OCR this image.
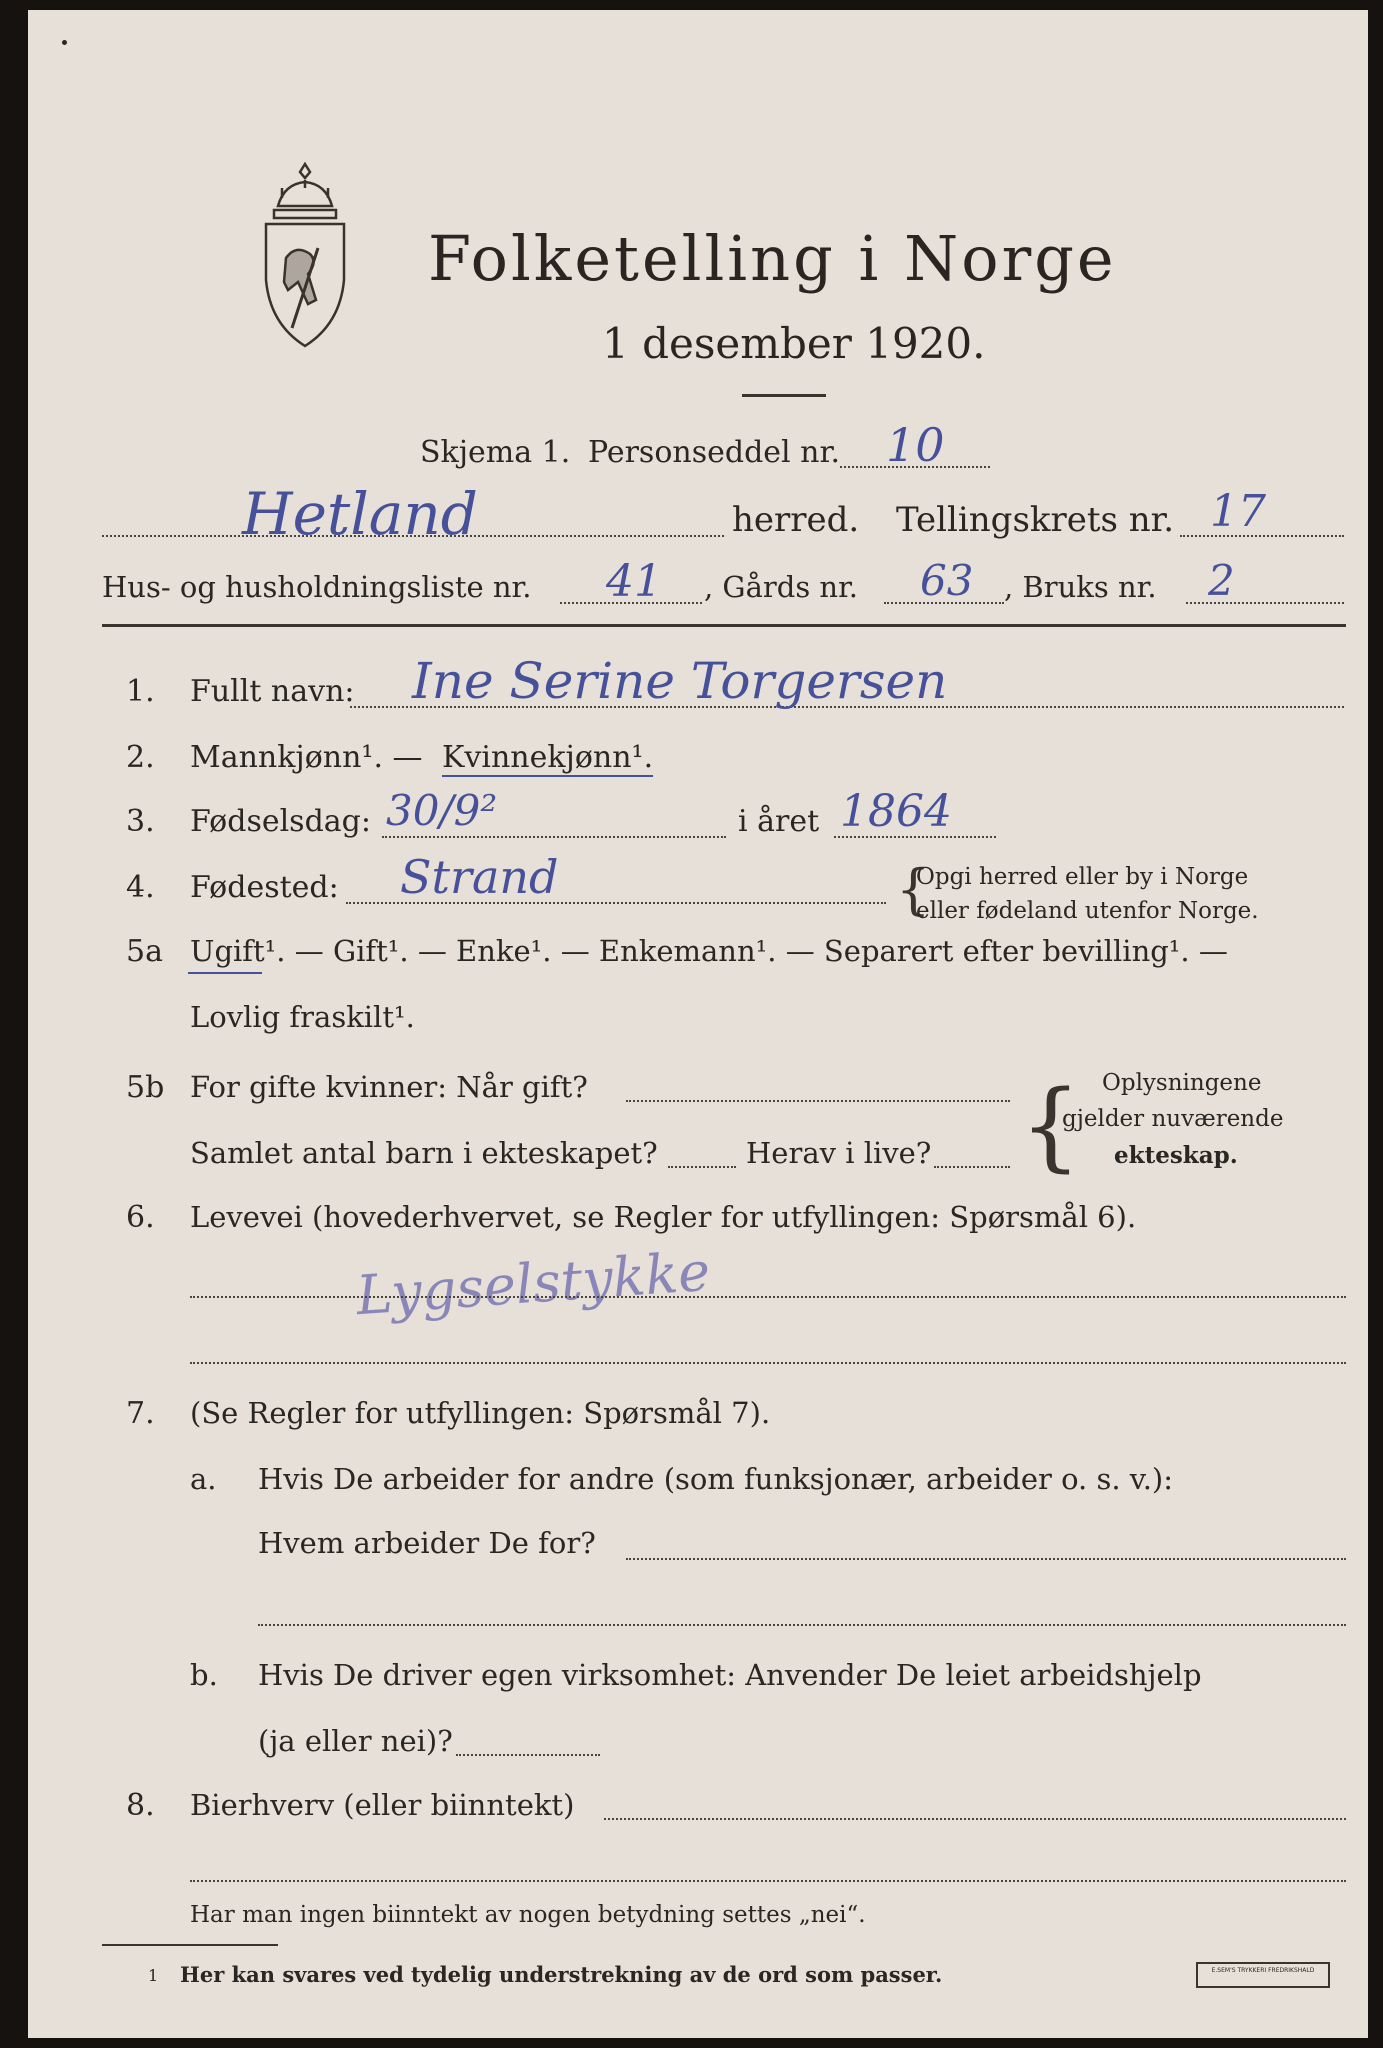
Folketelling i Norge
1 desember 1920.
Skjema 1. Personseddel nr. 10
Hetland	herred. Tellingskrets nr. 17
Hus- og husholdningsliste nr. 41 , Gårds nr. 63 , Bruks nr. 2
1. Fullt navn: Ine Serine Torgersen
2. Mannkjønn¹. — Kvinnekjønn¹.
3. Fødselsdag: 30/9²	i året 1864
4. Fødested: Strand	{
Opgi herred eller by i Norge
eller fødeland utenfor Norge.
5a Ugift¹. — Gift¹. — Enke¹. — Enkemann¹. — Separert efter bevilling¹. —
Lovlig fraskilt¹.
5b For gifte kvinner: Når gift?
Samlet antal barn i ekteskapet?	Herav i live? { Oplysningene
gjelder nuværende
ekteskap.
6. Levevei (hovederhvervet, se Regler for utfyllingen: Spørsmål 6).
Lygselstykke
7. (Se Regler for utfyllingen: Spørsmål 7).
a. Hvis De arbeider for andre (som funksjonær, arbeider o. s. v.):
Hvem arbeider De for?
b. Hvis De driver egen virksomhet: Anvender De leiet arbeidshjelp
(ja eller nei)?
8. Bierhverv (eller biinntekt)
Har man ingen biinntekt av nogen betydning settes „nei“.
1 Her kan svares ved tydelig understrekning av de ord som passer.	E.SEM'S TRYKKERI FREDRIKSHALD
